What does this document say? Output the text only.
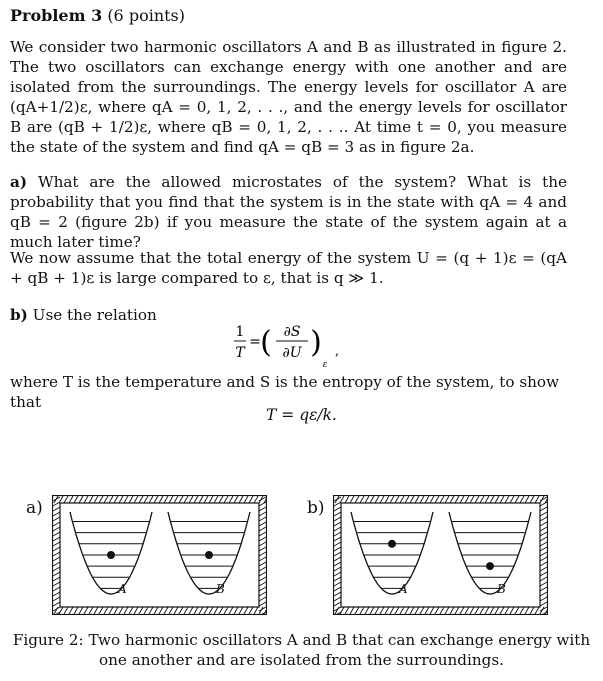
Problem 3 (6 points)
We consider two harmonic oscillators A and B as illustrated in figure 2. The two oscillators can exchange energy with one another and are isolated from the surroundings. The energy levels for oscillator A are (qA+1/2)ε, where qA = 0, 1, 2, . . ., and the energy levels for oscillator B are (qB + 1/2)ε, where qB = 0, 1, 2, . . .. At time t = 0, you measure the state of the system and find qA = qB = 3 as in figure 2a.
a) What are the allowed microstates of the system? What is the probability that you find that the system is in the state with qA = 4 and qB = 2 (figure 2b) if you measure the state of the system again at a much later time?
We now assume that the total energy of the system U = (q + 1)ε = (qA + qB + 1)ε is large compared to ε, that is q ≫ 1.
b) Use the relation
1
T
= ( ∂S
∂U )
ε
,
where T is the temperature and S is the entropy of the system, to show that
T = qε/k.
a)	b)
A	B	A	B
Figure 2: Two harmonic oscillators A and B that can exchange energy with one another and are isolated from the surroundings.
